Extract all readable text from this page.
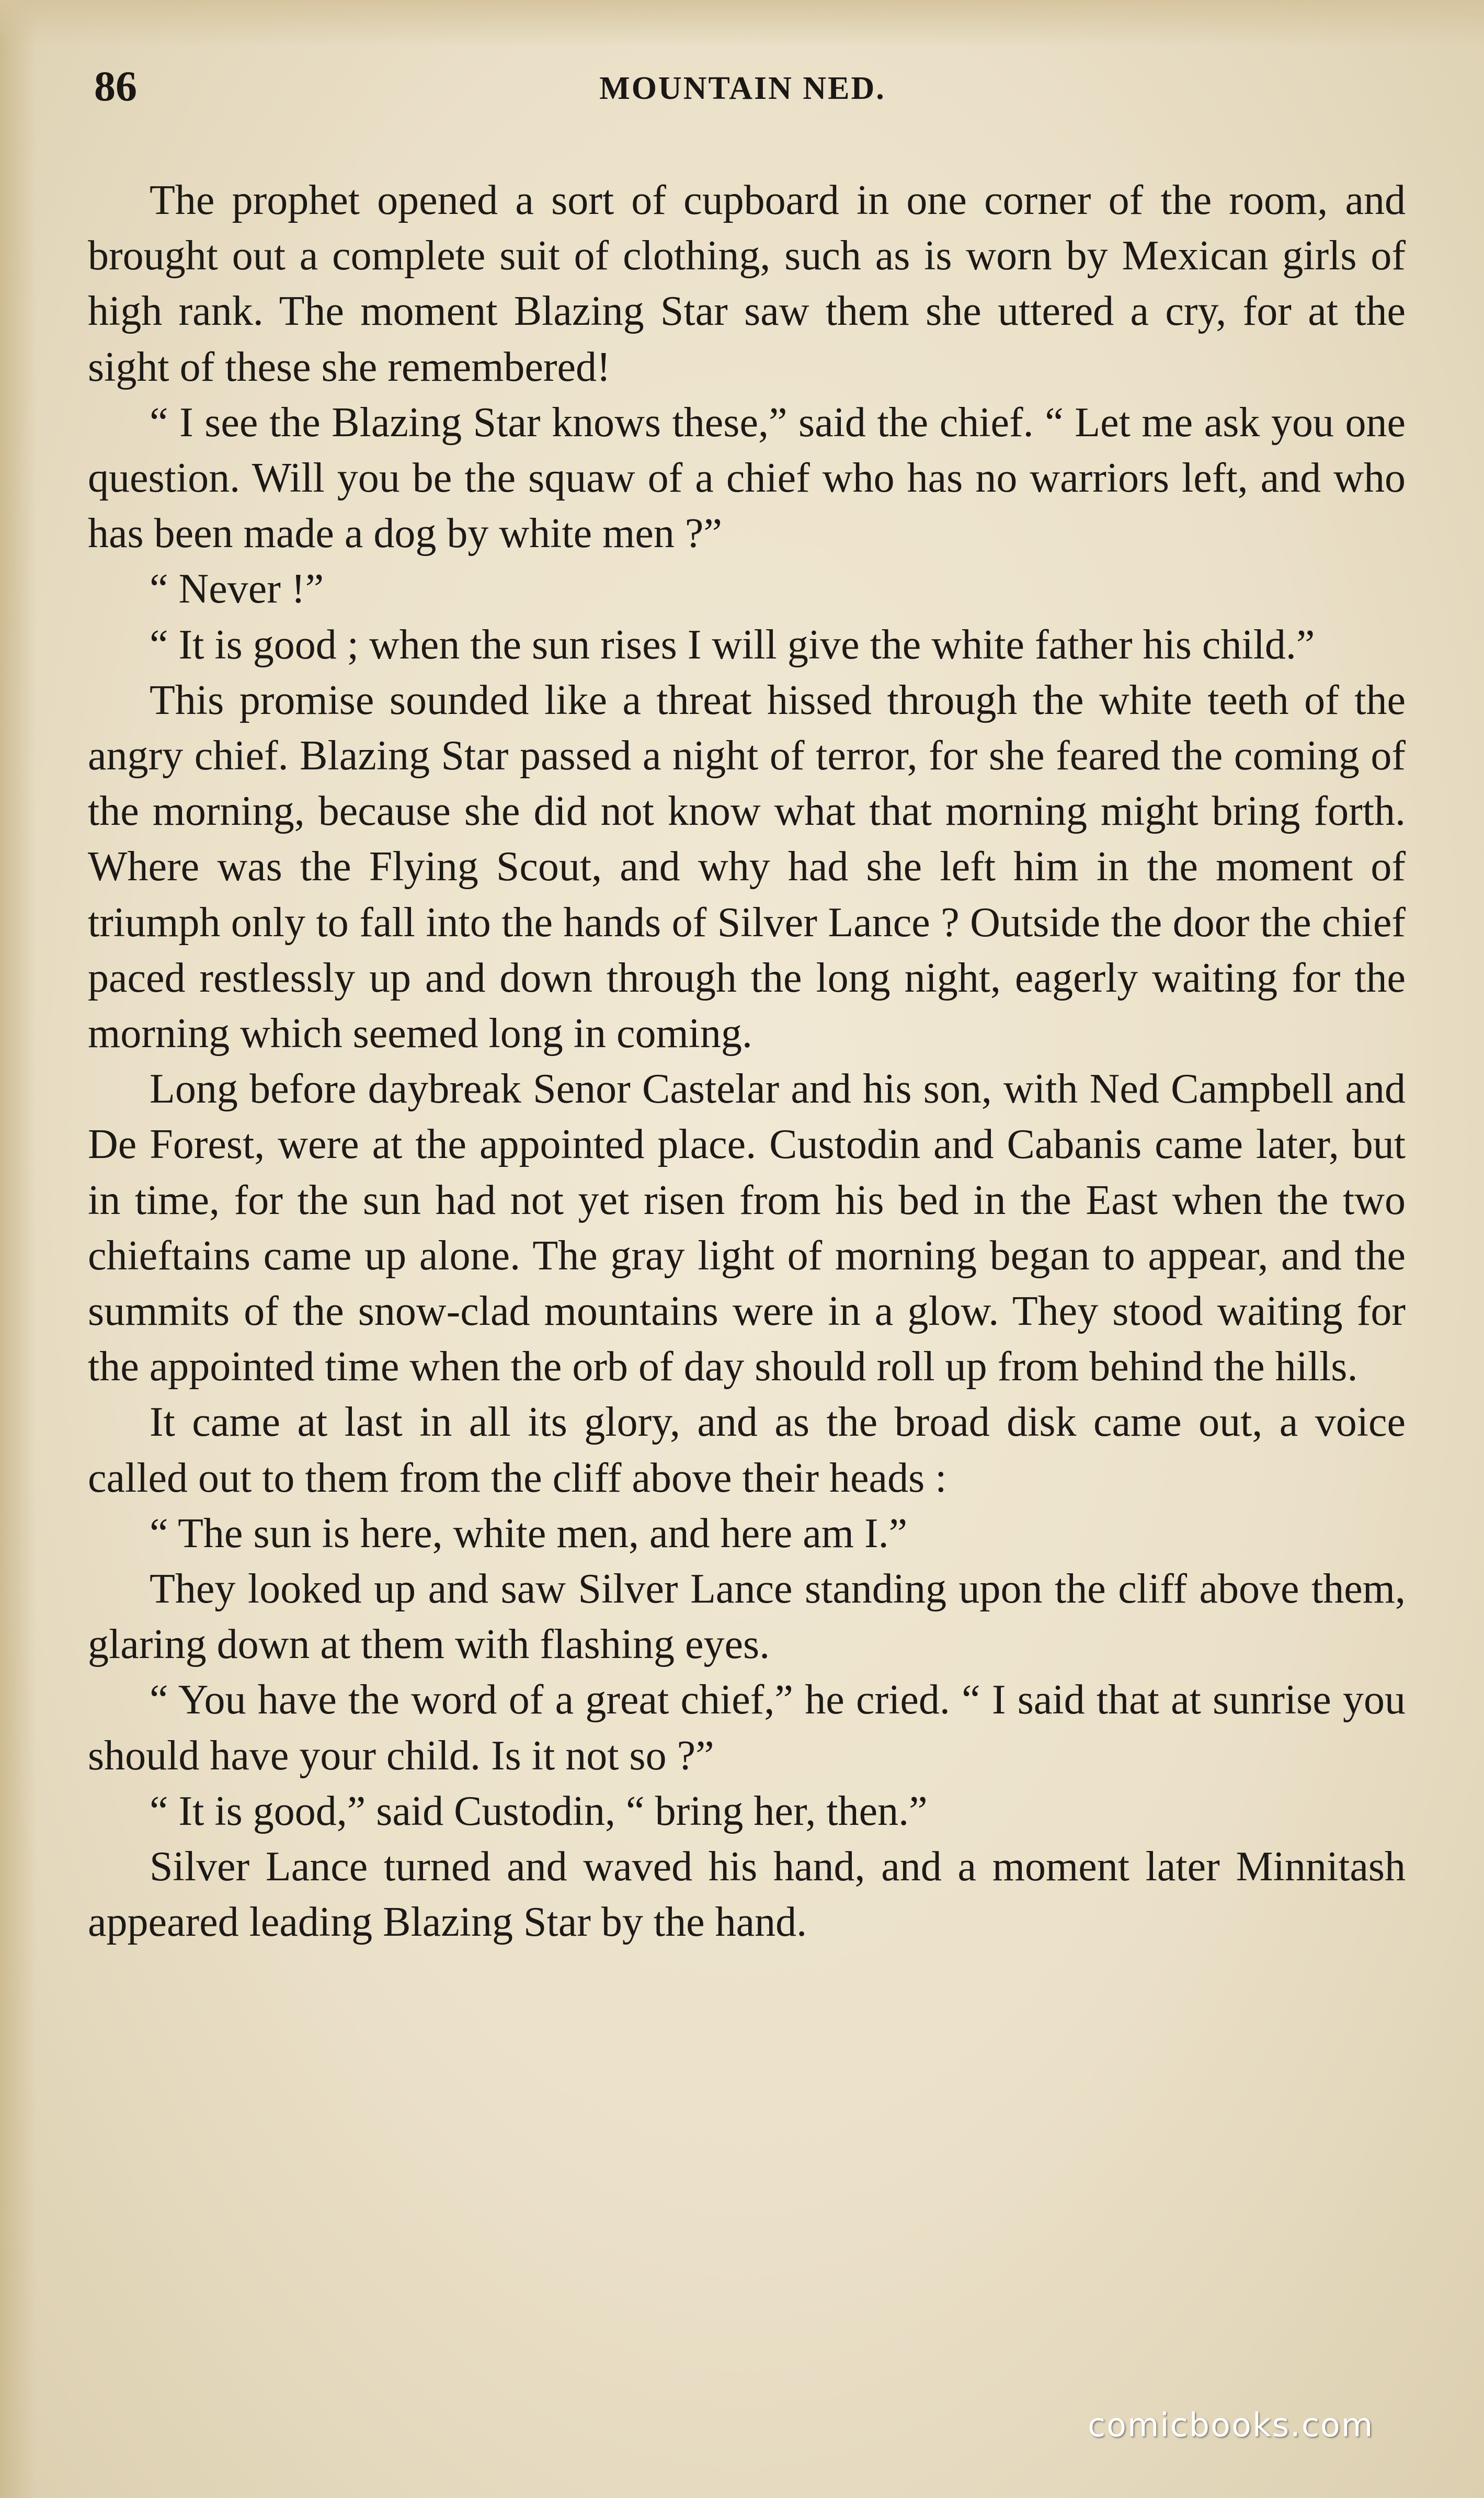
86	MOUNTAIN NED.

The prophet opened a sort of cupboard in one corner of the room, and brought out a complete suit of clothing, such as is worn by Mexican girls of high rank. The moment Blazing Star saw them she uttered a cry, for at the sight of these she remembered!

“ I see the Blazing Star knows these,” said the chief. “ Let me ask you one question. Will you be the squaw of a chief who has no warriors left, and who has been made a dog by white men ?”

“ Never !”

“ It is good ; when the sun rises I will give the white father his child.”

This promise sounded like a threat hissed through the white teeth of the angry chief. Blazing Star passed a night of terror, for she feared the coming of the morning, because she did not know what that morning might bring forth. Where was the Flying Scout, and why had she left him in the moment of triumph only to fall into the hands of Silver Lance ? Outside the door the chief paced restlessly up and down through the long night, eagerly waiting for the morning which seemed long in coming.

Long before daybreak Senor Castelar and his son, with Ned Campbell and De Forest, were at the appointed place. Custodin and Cabanis came later, but in time, for the sun had not yet risen from his bed in the East when the two chieftains came up alone. The gray light of morning began to appear, and the summits of the snow-clad mountains were in a glow. They stood waiting for the appointed time when the orb of day should roll up from behind the hills.

It came at last in all its glory, and as the broad disk came out, a voice called out to them from the cliff above their heads :

“ The sun is here, white men, and here am I.”

They looked up and saw Silver Lance standing upon the cliff above them, glaring down at them with flashing eyes.

“ You have the word of a great chief,” he cried. “ I said that at sunrise you should have your child. Is it not so ?”

“ It is good,” said Custodin, “ bring her, then.”

Silver Lance turned and waved his hand, and a moment later Minnitash appeared leading Blazing Star by the hand.

comicbooks.com
